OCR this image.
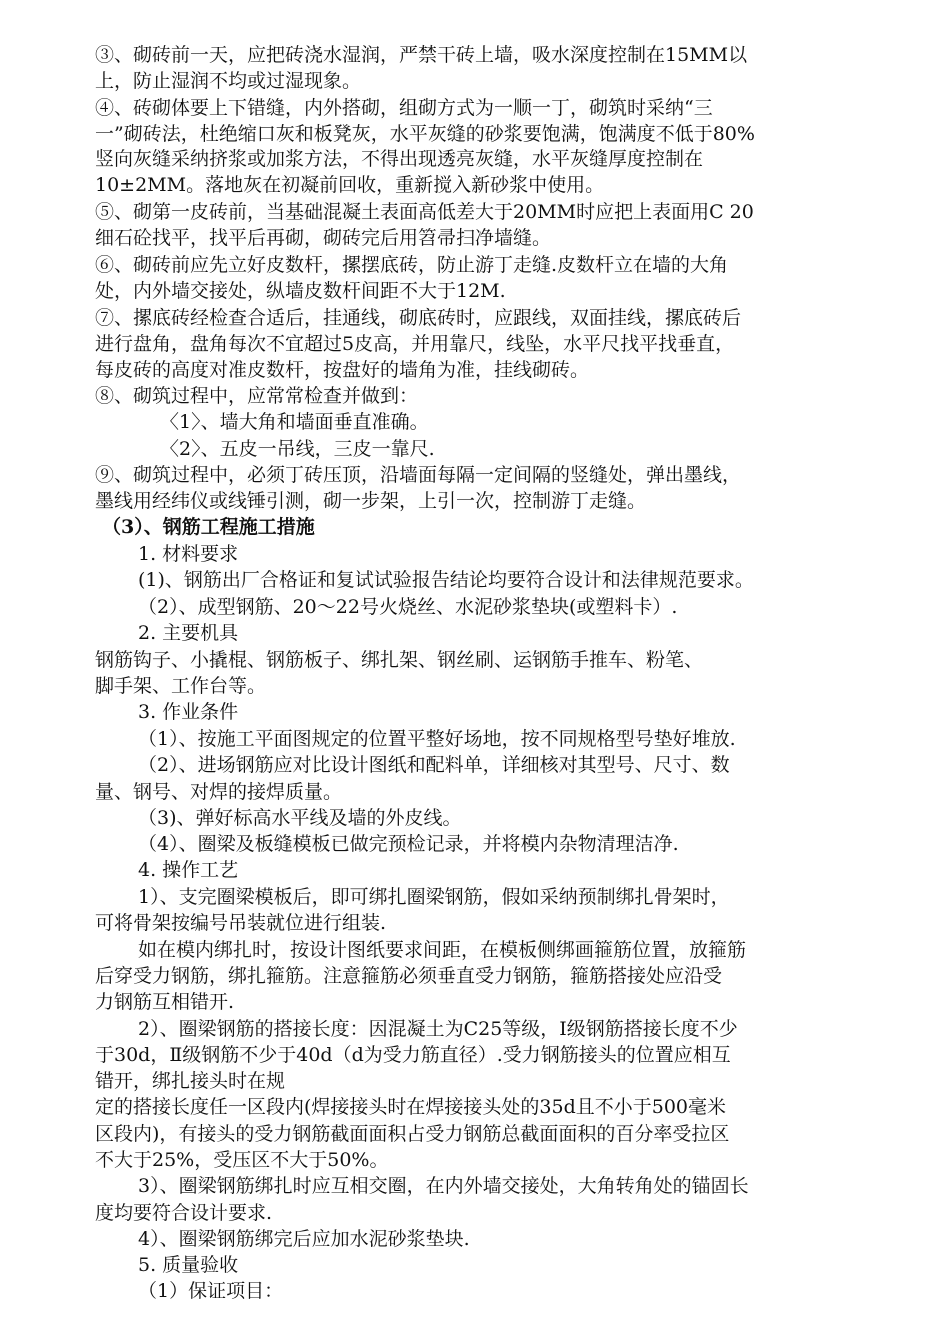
③、砌砖前一天，应把砖浇水湿润，严禁干砖上墙，吸水深度控制在15MM以
上，防止湿润不均或过湿现象。
④、砖砌体要上下错缝，内外搭砌，组砌方式为一顺一丁，砌筑时采纳“三
一”砌砖法，杜绝缩口灰和板凳灰，水平灰缝的砂浆要饱满，饱满度不低于80%
竖向灰缝采纳挤浆或加浆方法，不得出现透亮灰缝，水平灰缝厚度控制在
10±2MM。落地灰在初凝前回收，重新搅入新砂浆中使用。
⑤、砌第一皮砖前，当基础混凝土表面高低差大于20MM时应把上表面用C 20
细石砼找平，找平后再砌，砌砖完后用笤帚扫净墙缝。
⑥、砌砖前应先立好皮数杆，摞摆底砖，防止游丁走缝.皮数杆立在墙的大角
处，内外墙交接处，纵墙皮数杆间距不大于12M.
⑦、摞底砖经检查合适后，挂通线，砌底砖时，应跟线，双面挂线，摞底砖后
进行盘角，盘角每次不宜超过5皮高，并用靠尺，线坠，水平尺找平找垂直，
每皮砖的高度对准皮数杆，按盘好的墙角为准，挂线砌砖。
⑧、砌筑过程中，应常常检查并做到：
〈1〉、墙大角和墙面垂直准确。
〈2〉、五皮一吊线，三皮一靠尺.
⑨、砌筑过程中，必须丁砖压顶，沿墙面每隔一定间隔的竖缝处，弹出墨线，
墨线用经纬仪或线锤引测，砌一步架，上引一次，控制游丁走缝。
（3）、钢筋工程施工措施
1. 材料要求
(1)、钢筋出厂合格证和复试试验报告结论均要符合设计和法律规范要求。
（2）、成型钢筋、20～22号火烧丝、水泥砂浆垫块(或塑料卡）.
2. 主要机具
钢筋钩子、小撬棍、钢筋板子、绑扎架、钢丝刷、运钢筋手推车、粉笔、
脚手架、工作台等。
3. 作业条件
（1）、按施工平面图规定的位置平整好场地，按不同规格型号垫好堆放.
（2）、进场钢筋应对比设计图纸和配料单，详细核对其型号、尺寸、数
量、钢号、对焊的接焊质量。
（3)、弹好标高水平线及墙的外皮线。
（4）、圈梁及板缝模板已做完预检记录，并将模内杂物清理洁净.
4. 操作工艺
1）、支完圈梁模板后，即可绑扎圈梁钢筋，假如采纳预制绑扎骨架时，
可将骨架按编号吊装就位进行组装.
如在模内绑扎时，按设计图纸要求间距，在模板侧绑画箍筋位置，放箍筋
后穿受力钢筋，绑扎箍筋。注意箍筋必须垂直受力钢筋，箍筋搭接处应沿受
力钢筋互相错开.
2）、圈梁钢筋的搭接长度：因混凝土为C25等级，Ⅰ级钢筋搭接长度不少
于30d，Ⅱ级钢筋不少于40d（d为受力筋直径）.受力钢筋接头的位置应相互
错开，绑扎接头时在规
定的搭接长度任一区段内(焊接接头时在焊接接头处的35d且不小于500毫米
区段内)，有接头的受力钢筋截面面积占受力钢筋总截面面积的百分率受拉区
不大于25%，受压区不大于50%。
3）、圈梁钢筋绑扎时应互相交圈，在内外墙交接处，大角转角处的锚固长
度均要符合设计要求.
4）、圈梁钢筋绑完后应加水泥砂浆垫块.
5. 质量验收
（1）保证项目：
